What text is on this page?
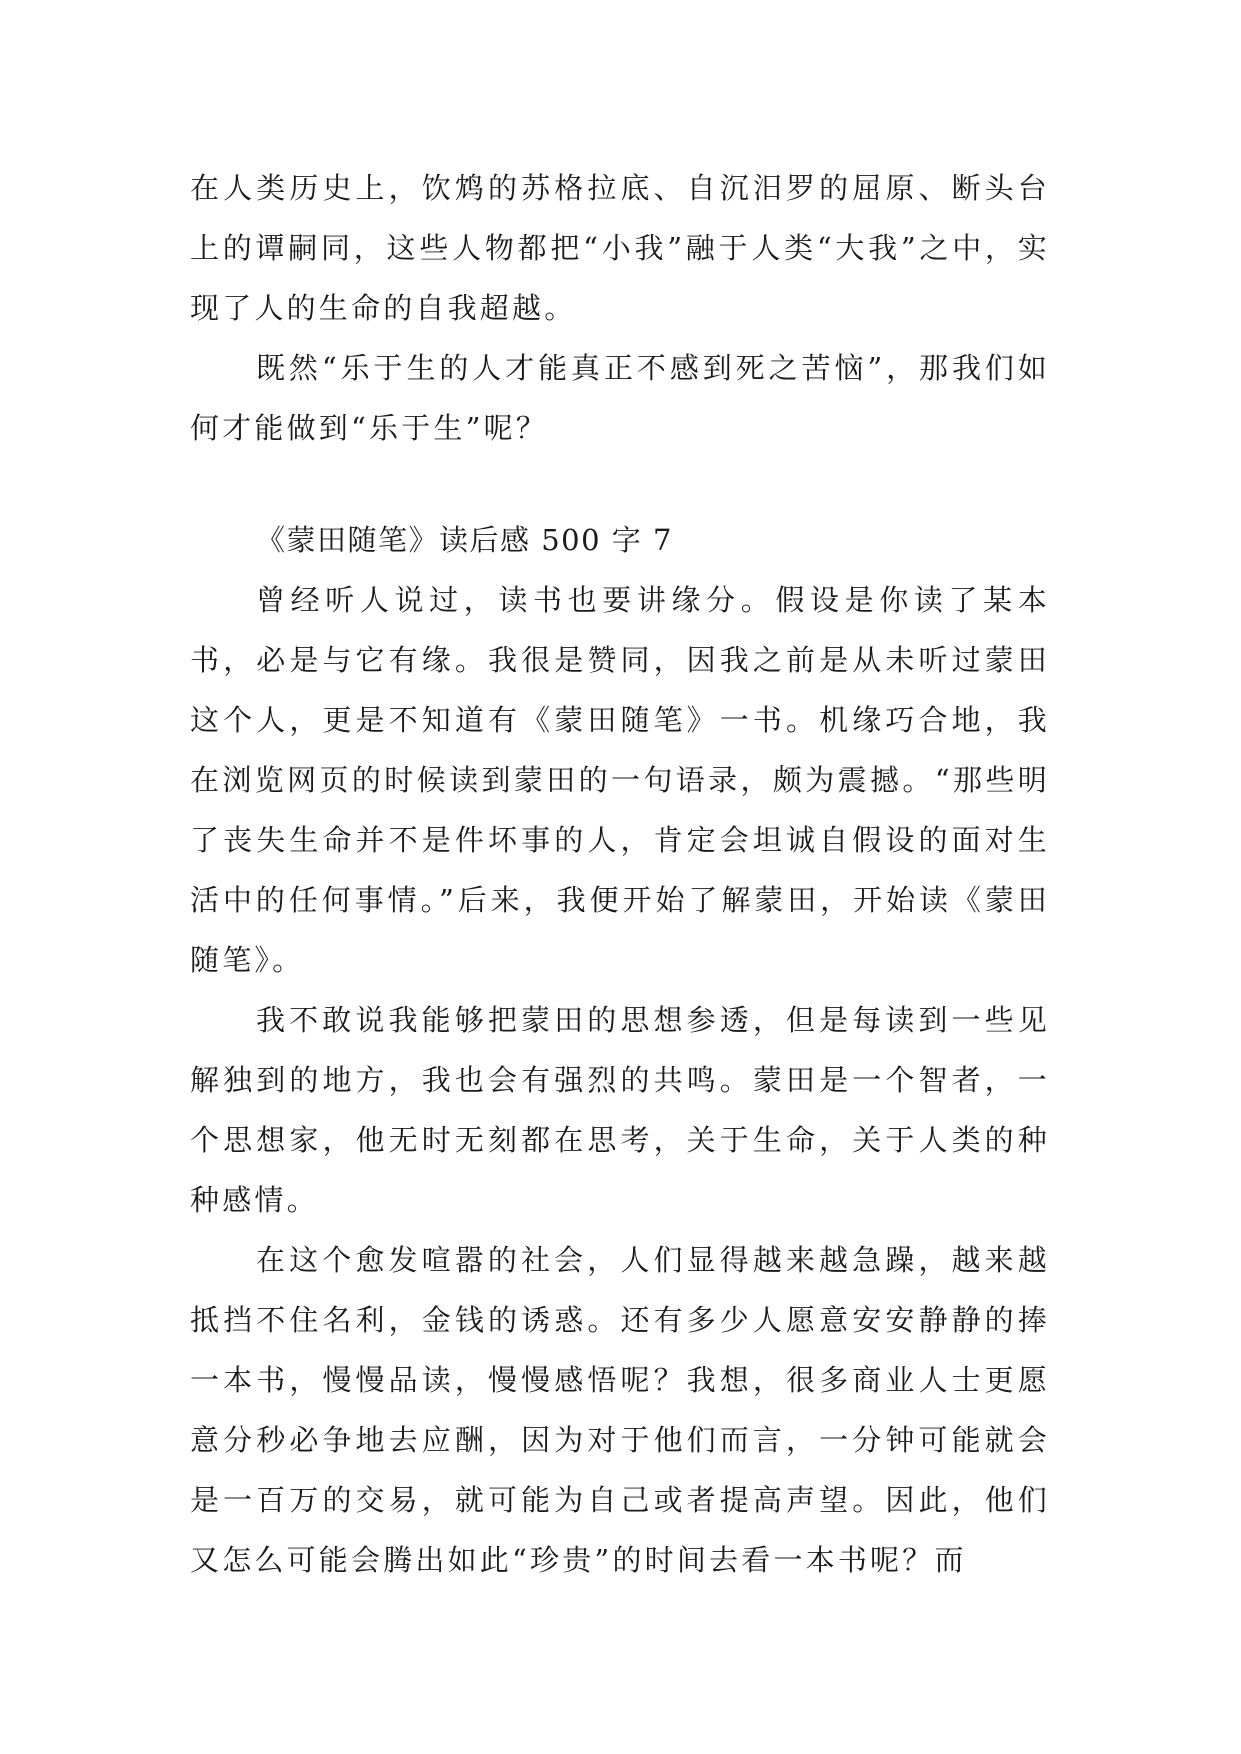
在人类历史上，饮鸩的苏格拉底、自沉汨罗的屈原、断头台上的谭嗣同，这些人物都把“小我”融于人类“大我”之中，实现了人的生命的自我超越。

既然“乐于生的人才能真正不感到死之苦恼”，那我们如何才能做到“乐于生”呢？

《蒙田随笔》读后感 500 字 7

曾经听人说过，读书也要讲缘分。假设是你读了某本书，必是与它有缘。我很是赞同，因我之前是从未听过蒙田这个人，更是不知道有《蒙田随笔》一书。机缘巧合地，我在浏览网页的时候读到蒙田的一句语录，颇为震撼。“那些明了丧失生命并不是件坏事的人，肯定会坦诚自假设的面对生活中的任何事情。”后来，我便开始了解蒙田，开始读《蒙田随笔》。

我不敢说我能够把蒙田的思想参透，但是每读到一些见解独到的地方，我也会有强烈的共鸣。蒙田是一个智者，一个思想家，他无时无刻都在思考，关于生命，关于人类的种种感情。

在这个愈发喧嚣的社会，人们显得越来越急躁，越来越抵挡不住名利，金钱的诱惑。还有多少人愿意安安静静的捧一本书，慢慢品读，慢慢感悟呢？我想，很多商业人士更愿意分秒必争地去应酬，因为对于他们而言，一分钟可能就会是一百万的交易，就可能为自己或者提高声望。因此，他们又怎么可能会腾出如此“珍贵”的时间去看一本书呢？而
